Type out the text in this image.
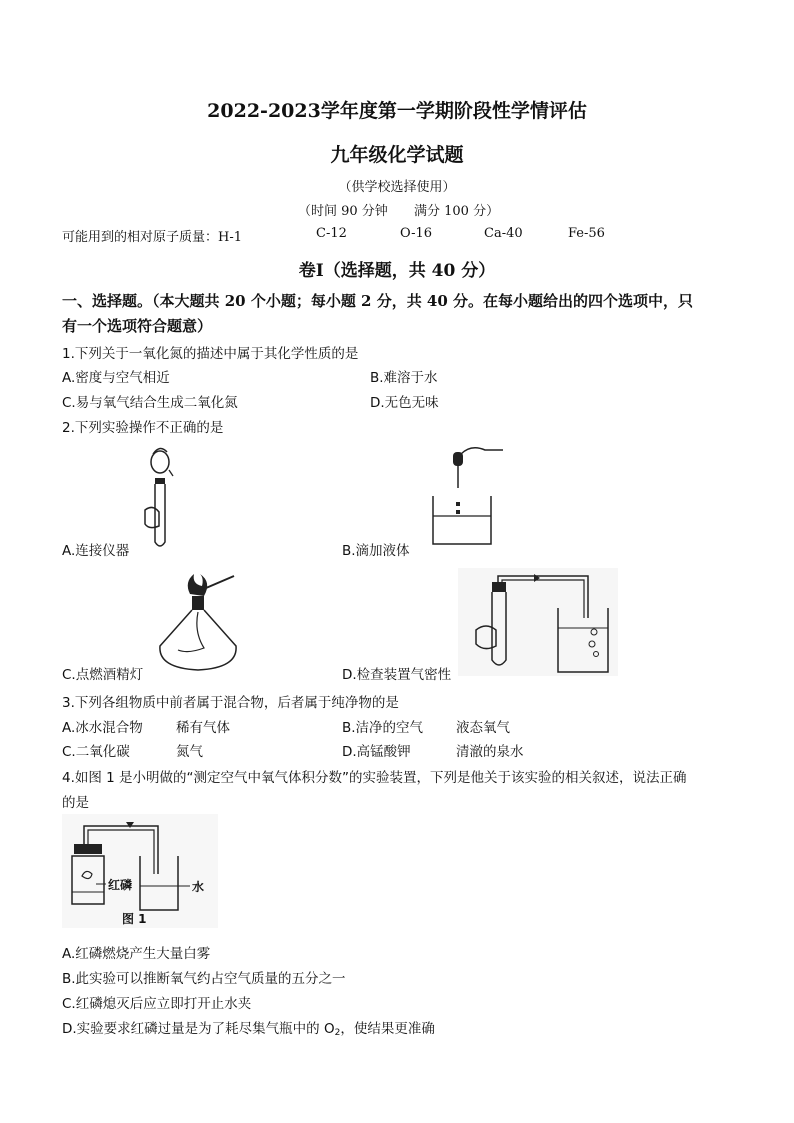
2022-2023学年度第一学期阶段性学情评估
九年级化学试题
（供学校选择使用）
（时间 90 分钟 满分 100 分）
可能用到的相对原子质量：H-1	C-12	O-16	Ca-40	Fe-56
卷Ⅰ（选择题，共 40 分）
一、选择题。（本大题共 20 个小题；每小题 2 分，共 40 分。在每小题给出的四个选项中，只
有一个选项符合题意）
1.下列关于一氧化氮的描述中属于其化学性质的是
A.密度与空气相近	B.难溶于水
C.易与氧气结合生成二氧化氮	D.无色无味
2.下列实验操作不正确的是
A.连接仪器	B.滴加液体
C.点燃酒精灯	D.检查装置气密性
3.下列各组物质中前者属于混合物，后者属于纯净物的是
A.冰水混合物 稀有气体	B.洁净的空气 液态氧气
C.二氧化碳	氮气	D.高锰酸钾	清澈的泉水
4.如图 1 是小明做的“测定空气中氧气体积分数”的实验装置，下列是他关于该实验的相关叙述，说法正确
的是
红磷	水
图 1
A.红磷燃烧产生大量白雾
B.此实验可以推断氧气约占空气质量的五分之一
C.红磷熄灭后应立即打开止水夹
D.实验要求红磷过量是为了耗尽集气瓶中的 $O_2$，使结果更准确
